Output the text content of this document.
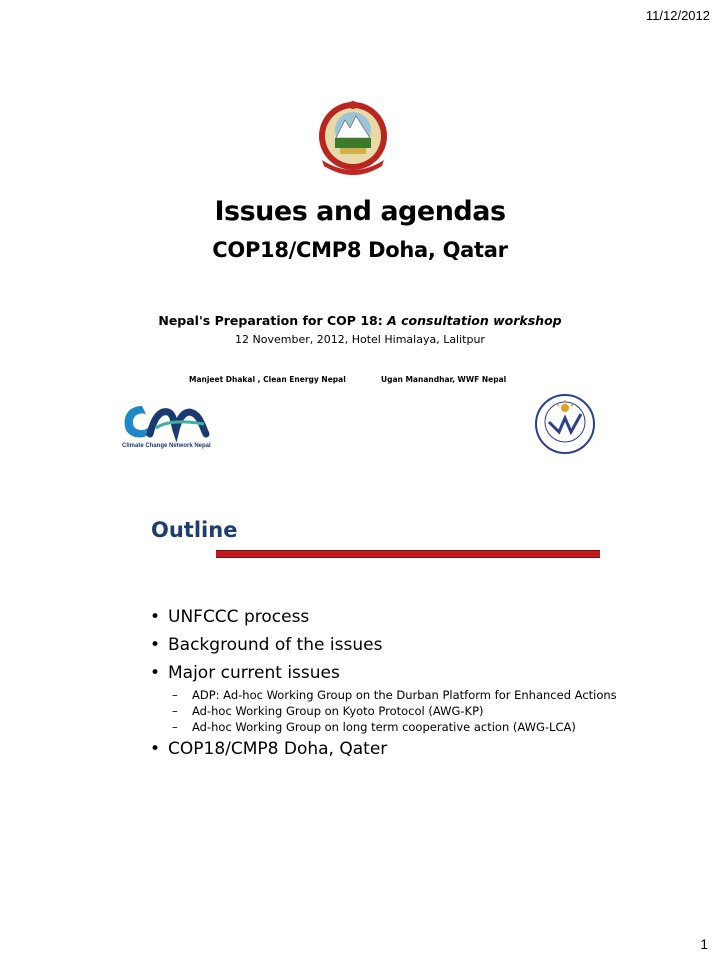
11/12/2012
Issues and agendas
COP18/CMP8 Doha, Qatar
Nepal's Preparation for COP 18: A consultation workshop
12 November, 2012, Hotel Himalaya, Lalitpur
Manjeet Dhakal , Clean Energy Nepal	Ugan Manandhar, WWF Nepal
Climate Change Network Nepal
Outline
• UNFCCC process
• Background of the issues
• Major current issues
– ADP: Ad-hoc Working Group on the Durban Platform for Enhanced Actions
– Ad-hoc Working Group on Kyoto Protocol (AWG-KP)
– Ad-hoc Working Group on long term cooperative action (AWG-LCA)
• COP18/CMP8 Doha, Qater
1
